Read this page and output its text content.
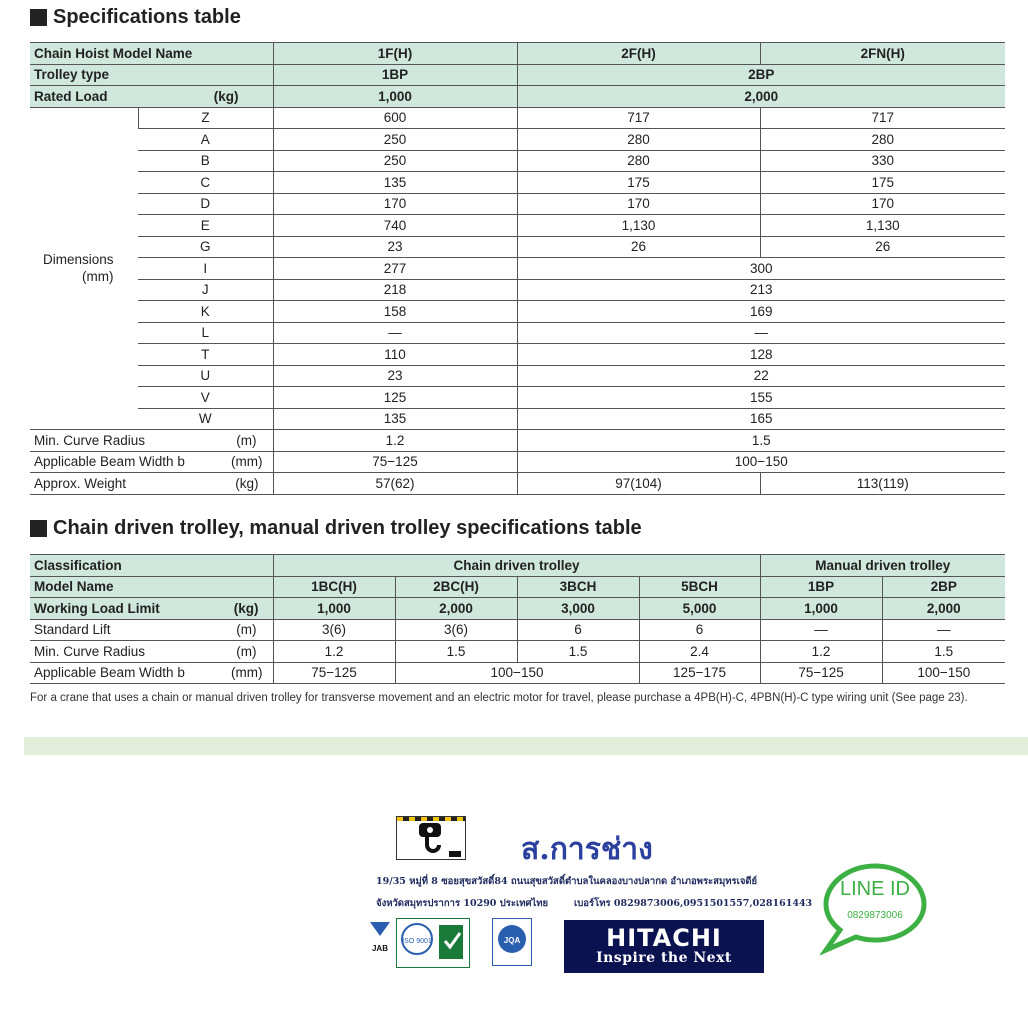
Specifications table
Chain Hoist Model Name		1F(H)	2F(H)	2FN(H)
Trolley type		1BP	2BP	
Rated Load (kg)		1,000	2,000	

Dimensions
(mm)	Z	600	717	717
	A	250	280	280
	B	250	280	330
	C	135	175	175
	D	170	170	170
	E	740	1,130	1,130
	G	23	26	26
	I	277	300	
	J	218	213	
	K	158	169	
	L	—	—	
	T	110	128	
	U	23	22	
	V	125	155	
	W	135	165	
Min. Curve Radius (m)		1.2	1.5	
Applicable Beam Width b (mm)		75−125	100−150	
Approx. Weight (kg)		57(62)	97(104)	113(119)
Chain driven trolley, manual driven trolley specifications table
Classification	Chain driven trolley				Manual driven trolley	
Model Name	1BC(H)	2BC(H)	3BCH	5BCH	1BP	2BP
Working Load Limit (kg)	1,000	2,000	3,000	5,000	1,000	2,000
Standard Lift (m)	3(6)	3(6)	6	6	—	—
Min. Curve Radius (m)	1.2	1.5	1.5	2.4	1.2	1.5
Applicable Beam Width b (mm)	75−125	100−150		125−175	75−125	100−150
For a crane that uses a chain or manual driven trolley for transverse movement and an electric motor for travel, please purchase a 4PB(H)-C, 4PBN(H)-C type wiring unit (See page 23).
ส.การช่าง
19/35 หมู่ที่ 8 ซอยสุขสวัสดิ์84 ถนนสุขสวัสดิ์ตำบลในคลองบางปลากด อำเภอพระสมุทรเจดีย์
จังหวัดสมุทรปราการ 10290 ประเทศไทย	เบอร์โทร 0829873006,0951501557,028161443
JAB
ISO 9001	JQA	HITACHI
Inspire the Next
LINE ID
0829873006
